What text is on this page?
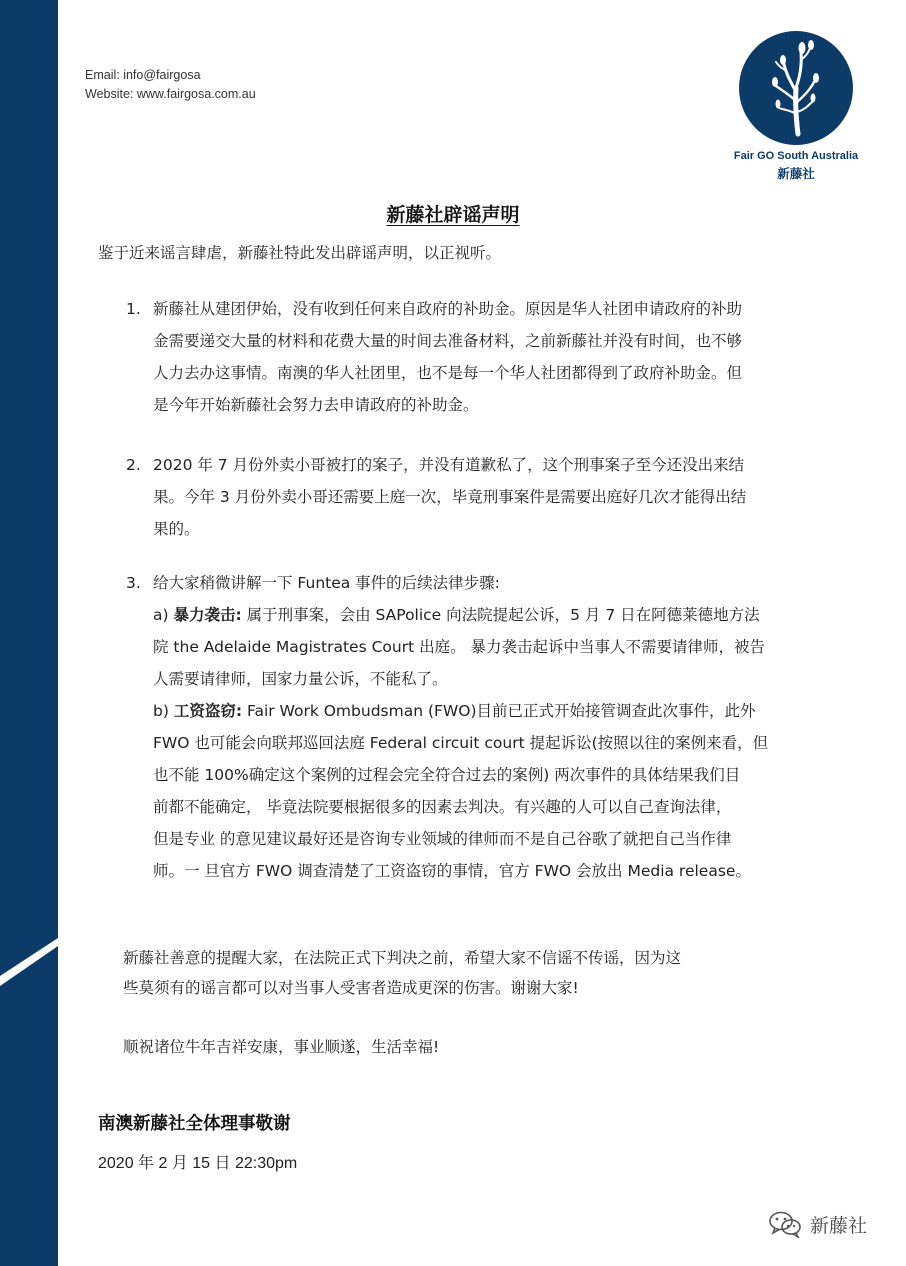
Email: info@fairgosa
Website: www.fairgosa.com.au
Fair GO South Australia
新藤社
新藤社辟谣声明
鉴于近来谣言肆虐，新藤社特此发出辟谣声明，以正视听。
1. 新藤社从建团伊始，没有收到任何来自政府的补助金。原因是华人社团申请政府的补助
金需要递交大量的材料和花费大量的时间去准备材料，之前新藤社并没有时间，也不够
人力去办这事情。南澳的华人社团里，也不是每一个华人社团都得到了政府补助金。但
是今年开始新藤社会努力去申请政府的补助金。
2. 2020 年 7 月份外卖小哥被打的案子，并没有道歉私了，这个刑事案子至今还没出来结
果。今年 3 月份外卖小哥还需要上庭一次，毕竟刑事案件是需要出庭好几次才能得出结
果的。
3. 给大家稍微讲解一下 Funtea 事件的后续法律步骤:
a) 暴力袭击: 属于刑事案，会由 SAPolice 向法院提起公诉，5 月 7 日在阿德莱德地方法
院 the Adelaide Magistrates Court 出庭。 暴力袭击起诉中当事人不需要请律师，被告
人需要请律师，国家力量公诉，不能私了。
b) 工资盗窃: Fair Work Ombudsman (FWO)目前已正式开始接管调查此次事件，此外
FWO 也可能会向联邦巡回法庭 Federal circuit court 提起诉讼(按照以往的案例来看，但
也不能 100%确定这个案例的过程会完全符合过去的案例) 两次事件的具体结果我们目
前都不能确定， 毕竟法院要根据很多的因素去判决。有兴趣的人可以自己查询法律，
但是专业 的意见建议最好还是咨询专业领域的律师而不是自己谷歌了就把自己当作律
师。一 旦官方 FWO 调查清楚了工资盗窃的事情，官方 FWO 会放出 Media release。
新藤社善意的提醒大家，在法院正式下判决之前，希望大家不信谣不传谣，因为这
些莫须有的谣言都可以对当事人受害者造成更深的伤害。谢谢大家!
顺祝诸位牛年吉祥安康，事业顺遂，生活幸福!
南澳新藤社全体理事敬谢
2020 年 2 月 15 日 22:30pm
新藤社
